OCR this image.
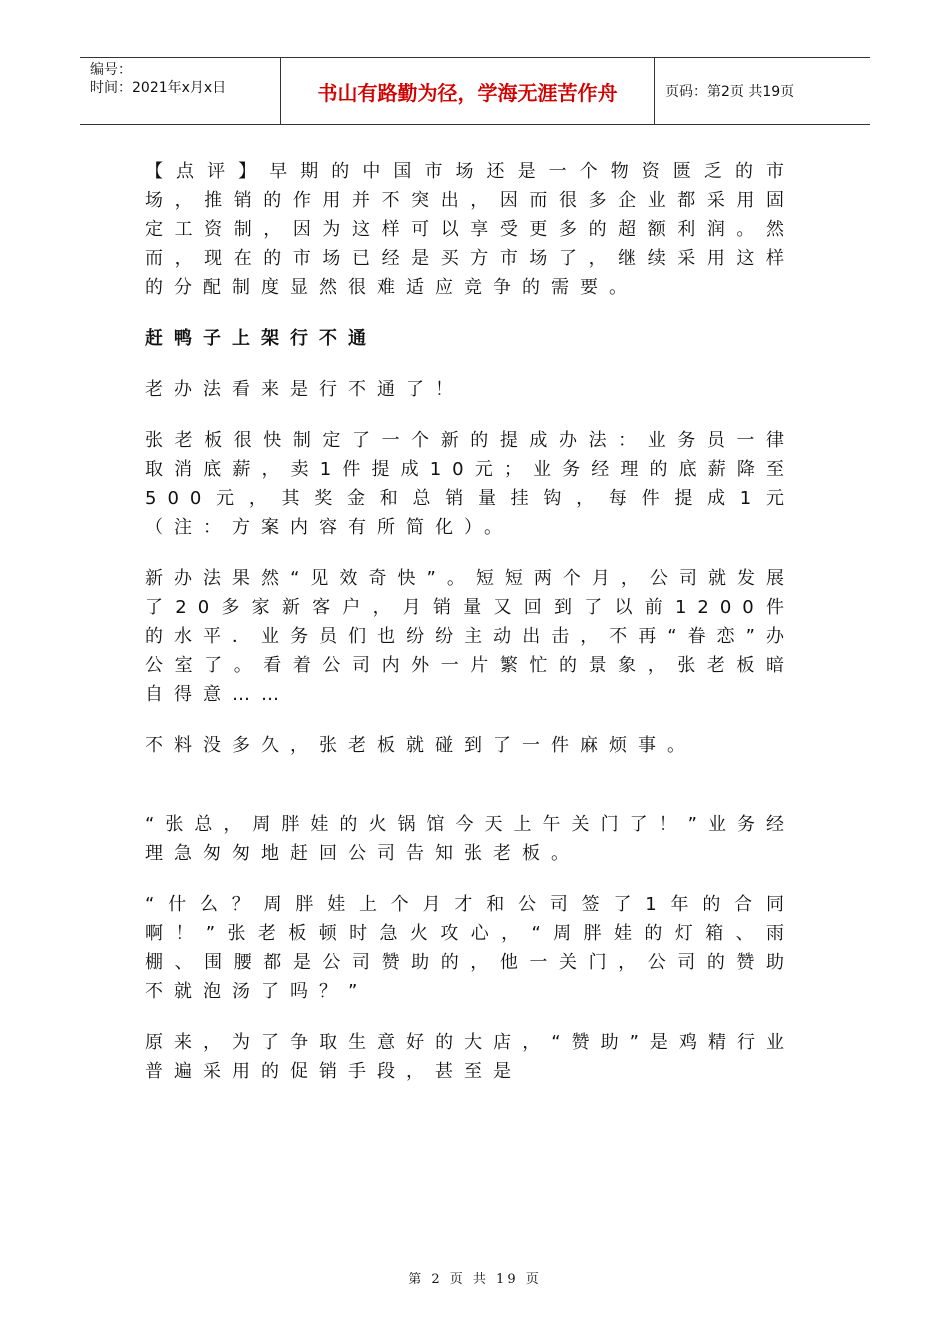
编号：
时间：2021年x月x日	书山有路勤为径，学海无涯苦作舟	页码：第2页 共19页

【点评】早期的中国市场还是一个物资匮乏的市场，推销的作用并不突出，因而很多企业都采用固定工资制，因为这样可以享受更多的超额利润。然而，现在的市场已经是买方市场了，继续采用这样的分配制度显然很难适应竞争的需要。

赶鸭子上架行不通

老办法看来是行不通了！

张老板很快制定了一个新的提成办法：业务员一律取消底薪，卖1件提成10元；业务经理的底薪降至500元，其奖金和总销量挂钩，每件提成1元（注：方案内容有所简化）。

新办法果然“见效奇快”。短短两个月，公司就发展了20多家新客户，月销量又回到了以前1200件的水平．业务员们也纷纷主动出击，不再“眷恋”办公室了。看着公司内外一片繁忙的景象，张老板暗自得意……

不料没多久，张老板就碰到了一件麻烦事。

“张总，周胖娃的火锅馆今天上午关门了！”业务经理急匆匆地赶回公司告知张老板。

“什么？周胖娃上个月才和公司签了1年的合同啊！”张老板顿时急火攻心，“周胖娃的灯箱、雨棚、围腰都是公司赞助的，他一关门，公司的赞助不就泡汤了吗？”

原来，为了争取生意好的大店，“赞助”是鸡精行业普遍采用的促销手段，甚至是

第 2 页 共 19 页
